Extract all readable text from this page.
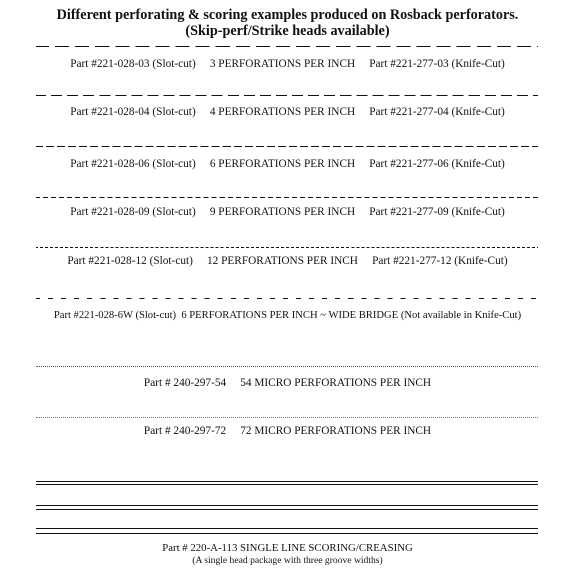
Different perforating & scoring examples produced on Rosback perforators.
(Skip-perf/Strike heads available)
Part #221-028-03 (Slot-cut)     3 PERFORATIONS PER INCH     Part #221-277-03 (Knife-Cut)
Part #221-028-04 (Slot-cut)     4 PERFORATIONS PER INCH     Part #221-277-04 (Knife-Cut)
Part #221-028-06 (Slot-cut)     6 PERFORATIONS PER INCH     Part #221-277-06 (Knife-Cut)
Part #221-028-09 (Slot-cut)     9 PERFORATIONS PER INCH     Part #221-277-09 (Knife-Cut)
Part #221-028-12 (Slot-cut)     12 PERFORATIONS PER INCH     Part #221-277-12 (Knife-Cut)
Part #221-028-6W (Slot-cut)  6 PERFORATIONS PER INCH ~ WIDE BRIDGE (Not available in Knife-Cut)
Part # 240-297-54     54 MICRO PERFORATIONS PER INCH
Part # 240-297-72     72 MICRO PERFORATIONS PER INCH
Part # 220-A-113 SINGLE LINE SCORING/CREASING
(A single head package with three groove widths)
